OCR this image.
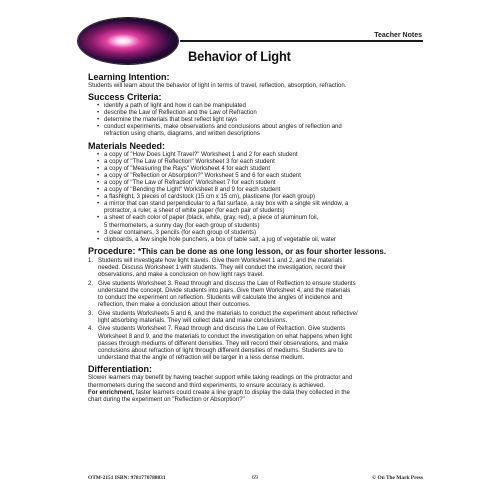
Teacher Notes
Behavior of Light

Learning Intention:

Students will learn about the behavior of light in terms of travel, reflection, absorption, refraction.

Success Criteria:

• identify a path of light and how it can be manipulated
• describe the Law of Reflection and the Law of Refraction
• determine the materials that best reflect light rays
• conduct experiments, make observations and conclusions about angles of reflection and
refraction using charts, diagrams, and written descriptions

Materials Needed:

• a copy of "How Does Light Travel?" Worksheet 1 and 2 for each student
• a copy of "The Law of Reflection" Worksheet 3 for each student
• a copy of "Measuring the Rays" Worksheet 4 for each student
• a copy of "Reflection or Absorption?" Worksheet 5 and 6 for each student
• a copy of "The Law of Refraction" Worksheet 7 for each student
• a copy of "Bending the Light" Worksheet 8 and 9 for each student
• a flashlight, 3 pieces of cardstock (15 cm x 15 cm), plasticene (for each group)
• a mirror that can stand perpendicular to a flat surface, a ray box with a single slit window, a
protractor, a ruler, a sheet of white paper (for each pair of students)
• a sheet of each color of paper (black, white, gray, red), a piece of aluminum foil,
5 thermometers, a sunny day (for each group of students)
• 3 clear containers, 3 pencils (for each group of students)
• clipboards, a few single hole punchers, a box of table salt, a jug of vegetable oil, water

Procedure: *This can be done as one long lesson, or as four shorter lessons.

1. Students will investigate how light travels. Give them Worksheet 1 and 2, and the materials
needed. Discuss Worksheet 1 with students. They will conduct the investigation, record their
observations, and make a conclusion on how light rays travel.
2. Give students Worksheet 3. Read through and discuss the Law of Reflection to ensure students
understand the concept. Divide students into pairs. Give them Worksheet 4, and the materials
to conduct the experiment on reflection. Students will calculate the angles of incidence and
reflection, then make a conclusion about their outcomes.
3. Give students Worksheets 5 and 6, and the materials to conduct the experiment about reflective/
light absorbing materials. They will collect data and make conclusions.
4. Give students Worksheet 7. Read through and discuss the Law of Refraction. Give students
Worksheet 8 and 9, and the materials to conduct the investigation on what happens when light
passes through mediums of different densities. They will record their observations, and make
conclusions about refraction of light through different densities of mediums. Students are to
understand that the angle of refraction will be larger in a less dense medium.

Differentiation:

Slower learners may benefit by having teacher support while taking readings on the protractor and
thermometers during the second and third experiments, to ensure accuracy is achieved.
For enrichment, faster learners could create a line graph to display the data they collected in the
chart during the experiment on "Reflection or Absorption?"
OTM-2151 ISBN: 9781770788831	69	© On The Mark Press
